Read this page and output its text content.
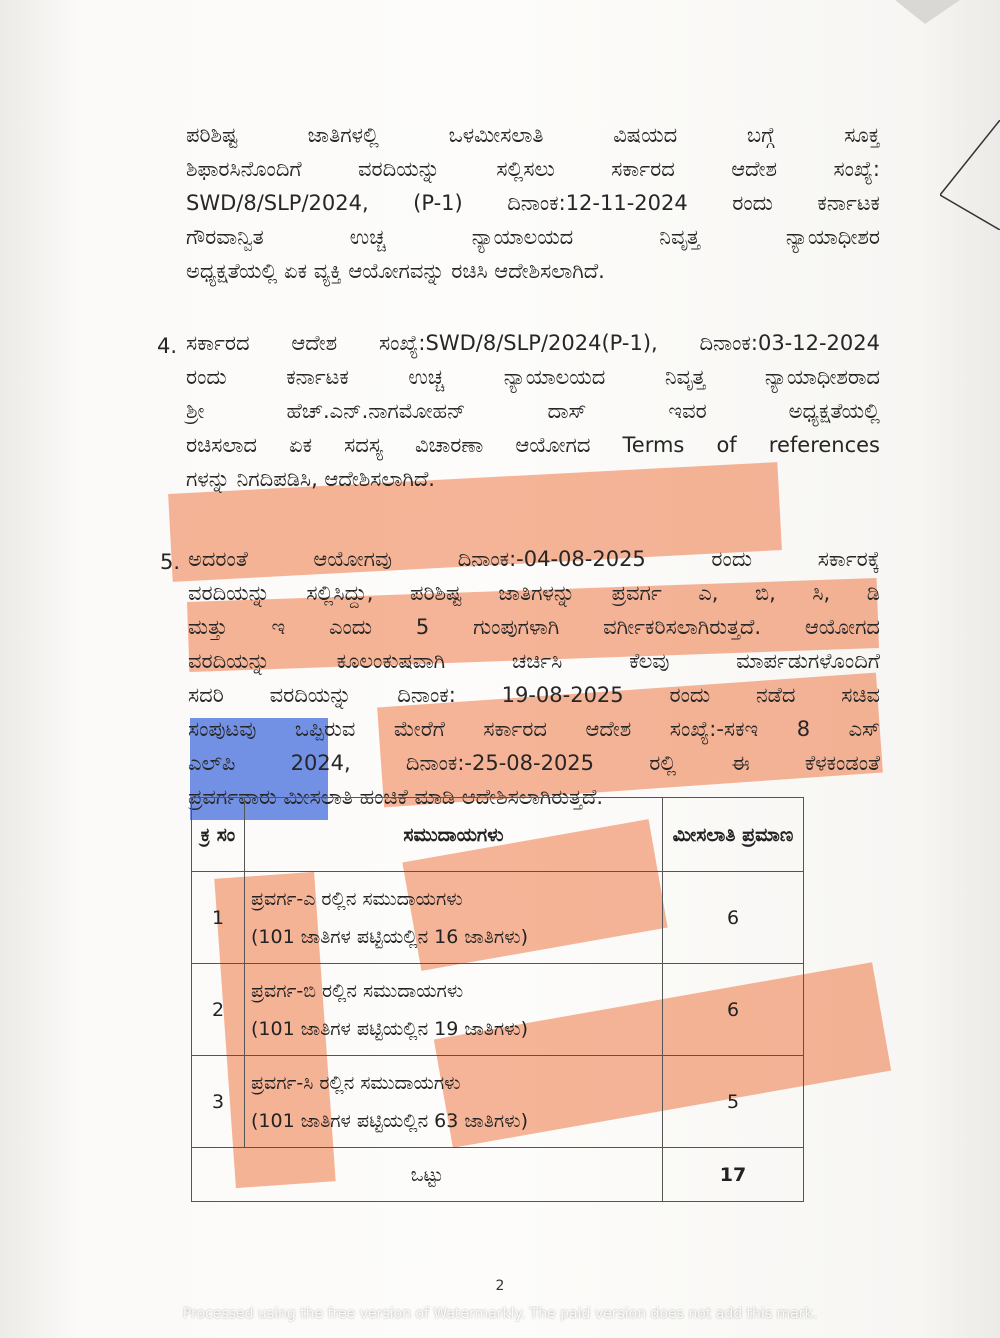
ಪರಿಶಿಷ್ಟ ಜಾತಿಗಳಲ್ಲಿ ಒಳಮೀಸಲಾತಿ ವಿಷಯದ ಬಗ್ಗೆ ಸೂಕ್ತ

ಶಿಫಾರಸಿನೊಂದಿಗೆ ವರದಿಯನ್ನು ಸಲ್ಲಿಸಲು ಸರ್ಕಾರದ ಆದೇಶ ಸಂಖ್ಯೆ:

SWD/8/SLP/2024, (P-1) ದಿನಾಂಕ:12-11-2024 ರಂದು ಕರ್ನಾಟಕ

ಗೌರವಾನ್ವಿತ ಉಚ್ಚ ನ್ಯಾಯಾಲಯದ ನಿವೃತ್ತ ನ್ಯಾಯಾಧೀಶರ

ಅಧ್ಯಕ್ಷತೆಯಲ್ಲಿ ಏಕ ವ್ಯಕ್ತಿ ಆಯೋಗವನ್ನು ರಚಿಸಿ ಆದೇಶಿಸಲಾಗಿದೆ.

4. ಸರ್ಕಾರದ ಆದೇಶ ಸಂಖ್ಯೆ:SWD/8/SLP/2024(P-1), ದಿನಾಂಕ:03-12-2024

ರಂದು ಕರ್ನಾಟಕ ಉಚ್ಚ ನ್ಯಾಯಾಲಯದ ನಿವೃತ್ತ ನ್ಯಾಯಾಧೀಶರಾದ

ಶ್ರೀ ಹೆಚ್.ಎನ್.ನಾಗಮೋಹನ್ ದಾಸ್ ಇವರ ಅಧ್ಯಕ್ಷತೆಯಲ್ಲಿ

ರಚಿಸಲಾದ ಏಕ ಸದಸ್ಯ ವಿಚಾರಣಾ ಆಯೋಗದ Terms of references

ಗಳನ್ನು ನಿಗದಿಪಡಿಸಿ, ಆದೇಶಿಸಲಾಗಿದೆ.

5. ಅದರಂತೆ ಆಯೋಗವು ದಿನಾಂಕ:-04-08-2025 ರಂದು ಸರ್ಕಾರಕ್ಕೆ

ವರದಿಯನ್ನು ಸಲ್ಲಿಸಿದ್ದು, ಪರಿಶಿಷ್ಟ ಜಾತಿಗಳನ್ನು ಪ್ರವರ್ಗ ಎ, ಬಿ, ಸಿ, ಡಿ

ಮತ್ತು ಇ ಎಂದು 5 ಗುಂಪುಗಳಾಗಿ ವರ್ಗೀಕರಿಸಲಾಗಿರುತ್ತದೆ. ಆಯೋಗದ

ವರದಿಯನ್ನು ಕೂಲಂಕುಷವಾಗಿ ಚರ್ಚಿಸಿ ಕೆಲವು ಮಾರ್ಪಡುಗಳೊಂದಿಗೆ

ಸದರಿ ವರದಿಯನ್ನು ದಿನಾಂಕ: 19-08-2025 ರಂದು ನಡೆದ ಸಚಿವ

ಸಂಪುಟವು ಒಪ್ಪಿರುವ ಮೇರೆಗೆ ಸರ್ಕಾರದ ಆದೇಶ ಸಂಖ್ಯೆ:-ಸಕಇ 8 ಎಸ್

ಎಲ್‌ಪಿ 2024, ದಿನಾಂಕ:-25-08-2025 ರಲ್ಲಿ ಈ ಕೆಳಕಂಡಂತೆ

ಪ್ರವರ್ಗವಾರು ಮೀಸಲಾತಿ ಹಂಚಿಕೆ ಮಾಡಿ ಆದೇಶಿಸಲಾಗಿರುತ್ತದೆ.

ಕ್ರ ಸಂ	ಸಮುದಾಯಗಳು	ಮೀಸಲಾತಿ ಪ್ರಮಾಣ
1	ಪ್ರವರ್ಗ-ಎ ರಲ್ಲಿನ ಸಮುದಾಯಗಳು
(101 ಜಾತಿಗಳ ಪಟ್ಟಿಯಲ್ಲಿನ 16 ಜಾತಿಗಳು)	6
2	ಪ್ರವರ್ಗ-ಬಿ ರಲ್ಲಿನ ಸಮುದಾಯಗಳು
(101 ಜಾತಿಗಳ ಪಟ್ಟಿಯಲ್ಲಿನ 19 ಜಾತಿಗಳು)	6
3	ಪ್ರವರ್ಗ-ಸಿ ರಲ್ಲಿನ ಸಮುದಾಯಗಳು
(101 ಜಾತಿಗಳ ಪಟ್ಟಿಯಲ್ಲಿನ 63 ಜಾತಿಗಳು)	5
ಒಟ್ಟು		17
2
Processed using the free version of Watermarkly. The paid version does not add this mark.
